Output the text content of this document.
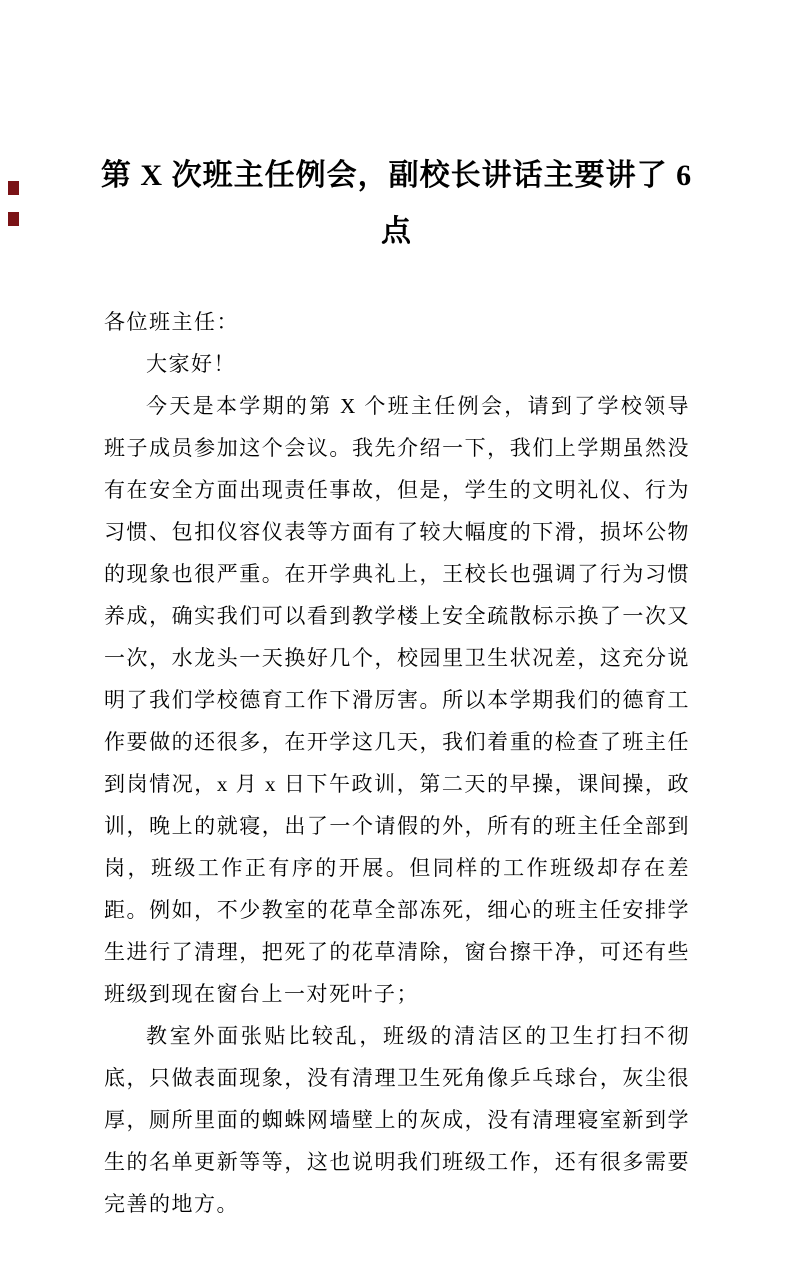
第 X 次班主任例会，副校长讲话主要讲了 6 点

各位班主任：

大家好！

今天是本学期的第 X 个班主任例会，请到了学校领导班子成员参加这个会议。我先介绍一下，我们上学期虽然没有在安全方面出现责任事故，但是，学生的文明礼仪、行为习惯、包扣仪容仪表等方面有了较大幅度的下滑，损坏公物的现象也很严重。在开学典礼上，王校长也强调了行为习惯养成，确实我们可以看到教学楼上安全疏散标示换了一次又一次，水龙头一天换好几个，校园里卫生状况差，这充分说明了我们学校德育工作下滑厉害。所以本学期我们的德育工作要做的还很多，在开学这几天，我们着重的检查了班主任到岗情况，x 月 x 日下午政训，第二天的早操，课间操，政训，晚上的就寝，出了一个请假的外，所有的班主任全部到岗，班级工作正有序的开展。但同样的工作班级却存在差距。例如，不少教室的花草全部冻死，细心的班主任安排学生进行了清理，把死了的花草清除，窗台擦干净，可还有些班级到现在窗台上一对死叶子；

教室外面张贴比较乱，班级的清洁区的卫生打扫不彻底，只做表面现象，没有清理卫生死角像乒乓球台，灰尘很厚，厕所里面的蜘蛛网墙壁上的灰成，没有清理寝室新到学生的名单更新等等，这也说明我们班级工作，还有很多需要完善的地方。
